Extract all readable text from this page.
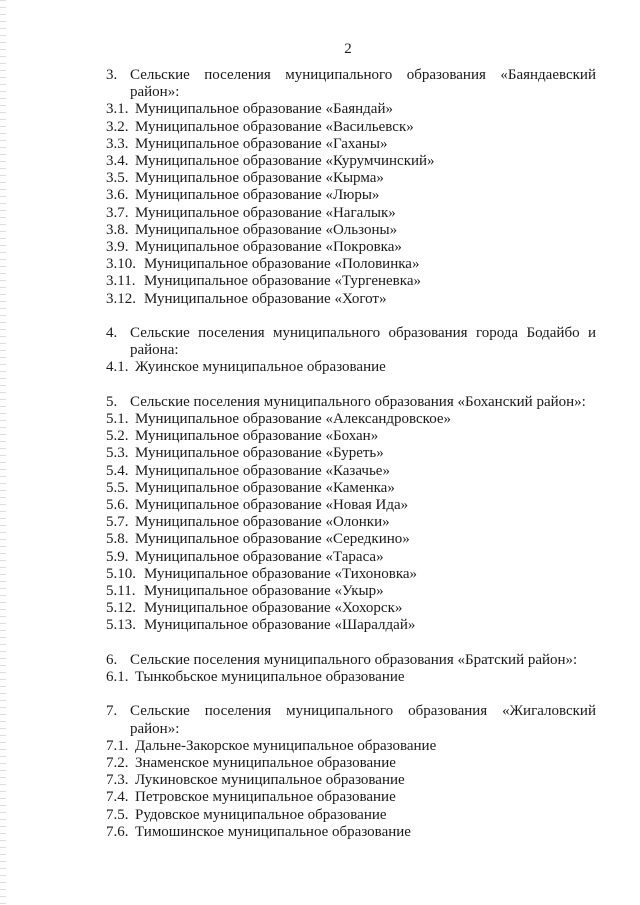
2
3. Сельские поселения муниципального образования «Баяндаевский район»:
3.1. Муниципальное образование «Баяндай»
3.2. Муниципальное образование «Васильевск»
3.3. Муниципальное образование «Гаханы»
3.4. Муниципальное образование «Курумчинский»
3.5. Муниципальное образование «Кырма»
3.6. Муниципальное образование «Люры»
3.7. Муниципальное образование «Нагалык»
3.8. Муниципальное образование «Ользоны»
3.9. Муниципальное образование «Покровка»
3.10. Муниципальное образование «Половинка»
3.11. Муниципальное образование «Тургеневка»
3.12. Муниципальное образование «Хогот»
4. Сельские поселения муниципального образования города Бодайбо и района:
4.1. Жуинское муниципальное образование
5. Сельские поселения муниципального образования «Боханский район»:
5.1. Муниципальное образование «Александровское»
5.2. Муниципальное образование «Бохан»
5.3. Муниципальное образование «Буреть»
5.4. Муниципальное образование «Казачье»
5.5. Муниципальное образование «Каменка»
5.6. Муниципальное образование «Новая Ида»
5.7. Муниципальное образование «Олонки»
5.8. Муниципальное образование «Середкино»
5.9. Муниципальное образование «Тараса»
5.10. Муниципальное образование «Тихоновка»
5.11. Муниципальное образование «Укыр»
5.12. Муниципальное образование «Хохорск»
5.13. Муниципальное образование «Шаралдай»
6. Сельские поселения муниципального образования «Братский район»:
6.1. Тынкобьское муниципальное образование
7. Сельские поселения муниципального образования «Жигаловский район»:
7.1. Дальне-Закорское муниципальное образование
7.2. Знаменское муниципальное образование
7.3. Лукиновское муниципальное образование
7.4. Петровское муниципальное образование
7.5. Рудовское муниципальное образование
7.6. Тимошинское муниципальное образование
